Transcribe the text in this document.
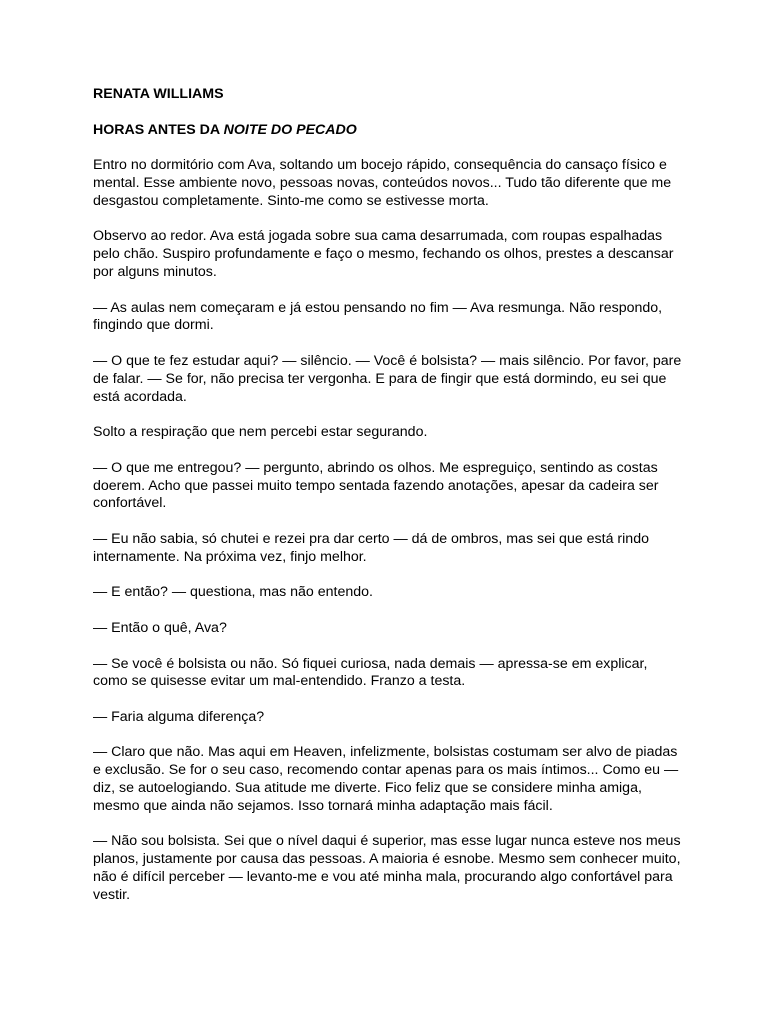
RENATA WILLIAMS

HORAS ANTES DA NOITE DO PECADO

Entro no dormitório com Ava, soltando um bocejo rápido, consequência do cansaço físico e mental. Esse ambiente novo, pessoas novas, conteúdos novos... Tudo tão diferente que me desgastou completamente. Sinto-me como se estivesse morta.

Observo ao redor. Ava está jogada sobre sua cama desarrumada, com roupas espalhadas pelo chão. Suspiro profundamente e faço o mesmo, fechando os olhos, prestes a descansar por alguns minutos.

— As aulas nem começaram e já estou pensando no fim — Ava resmunga. Não respondo, fingindo que dormi.

— O que te fez estudar aqui? — silêncio. — Você é bolsista? — mais silêncio. Por favor, pare de falar. — Se for, não precisa ter vergonha. E para de fingir que está dormindo, eu sei que está acordada.

Solto a respiração que nem percebi estar segurando.

— O que me entregou? — pergunto, abrindo os olhos. Me espreguiço, sentindo as costas doerem. Acho que passei muito tempo sentada fazendo anotações, apesar da cadeira ser confortável.

— Eu não sabia, só chutei e rezei pra dar certo — dá de ombros, mas sei que está rindo internamente. Na próxima vez, finjo melhor.

— E então? — questiona, mas não entendo.

— Então o quê, Ava?

— Se você é bolsista ou não. Só fiquei curiosa, nada demais — apressa-se em explicar, como se quisesse evitar um mal-entendido. Franzo a testa.

— Faria alguma diferença?

— Claro que não. Mas aqui em Heaven, infelizmente, bolsistas costumam ser alvo de piadas e exclusão. Se for o seu caso, recomendo contar apenas para os mais íntimos... Como eu — diz, se autoelogiando. Sua atitude me diverte. Fico feliz que se considere minha amiga, mesmo que ainda não sejamos. Isso tornará minha adaptação mais fácil.

— Não sou bolsista. Sei que o nível daqui é superior, mas esse lugar nunca esteve nos meus planos, justamente por causa das pessoas. A maioria é esnobe. Mesmo sem conhecer muito, não é difícil perceber — levanto-me e vou até minha mala, procurando algo confortável para vestir.
